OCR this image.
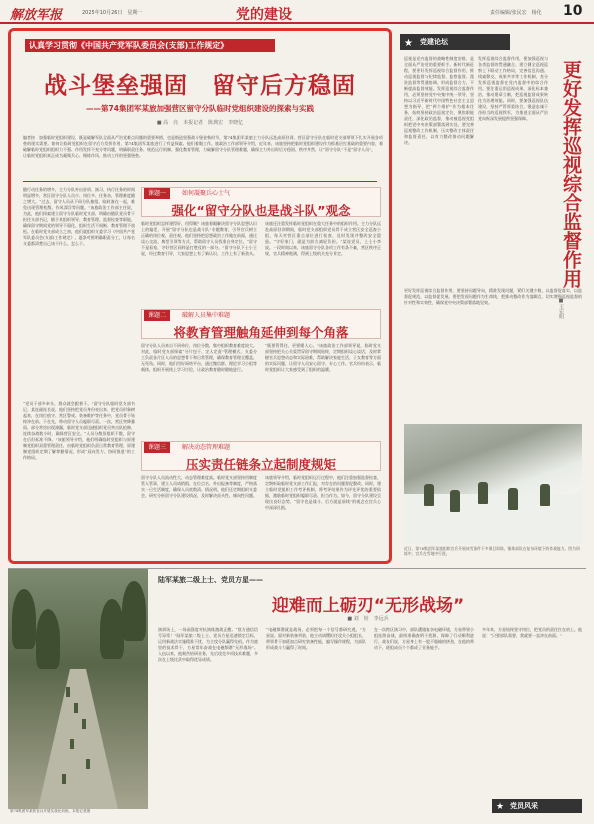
解放军报	2025年10月26日　星期一	党的建设	责任编辑/张民宏　杨化 10
认真学习贯彻《中国共产党军队委员会(支部)工作规定》
战斗堡垒强固　留守后方稳固
——第74集团军某旅加强营区留守分队临时党组织建设的探索与实践
■ 高　亮　本报记者　陈典宏　李晓亿
编者按　加强临时党组织建设，既是破解军队全面从严治党难点问题的重要举措，也是锻造坚强战斗堡垒的现实需要。如何让临时党组织在留守后方发挥作用，第74集团军某旅进行了有益探索。他们着眼破解临时党组织组织力不强、作用发挥不充分等问题，明确职责任务、规范运行机制、强化教育管理，让临时党组织真正成为凝聚兵心、锤炼作风、推动工作的坚强堡垒。
金秋时节，第74集团军某旅主力分队远赴高原驻训，营区留守分队在临时党支部带领下扎实开展各项工作。旅政治工作部领导介绍，近年来，该旅坚持把临时党组织建设作为抓基层打基础的重要内容，着力破解留守分队管理难题，确保主力外出时后方稳固、秩序井然，让“留守分队”不是“留守人员”。
随行动任务的增多，主力分队外出驻训、演习、执行任务的时间明显增多，营区留守分队人员少、岗位多、任务杂，管理难度随之增大。“过去，留守人员从不同分队抽组，临时凑在一起，难免出现管理松散、作风漂浮等问题。”该旅政治工作部主任说，为此，他们探索建立留守分队临时党支部，明确由随队党员骨干担任支部书记，赋予其组织领导、教育管理、监督检查等职能，确保留守期间党的领导不弱化、组织生活不间断、教育管理不放松。在临时党支部成立之初，他们就组织支委学习《中国共产党军队委员会(支部)工作规定》，逐条对照明确职责分工，让每名支委都清楚自己该干什么、怎么干。
“党员干部多牵头，群众就会跟着干。”留守分队临时党支部书记、某连副连长说，他们坚持把党员身份亮出来、把党员形象树起来，在岗位值守、营区警戒、装备维护等任务中，党员骨干始终冲在前、干在先，带动留守人员履职尽责。一次，营区突降暴雨，部分营房出现渗漏，临时党支部迅速组织党员突击队抢修，连续奋战数小时，确保营区安全。“人员分散但组织不散，留守在后但标准不降。”该旅领导介绍，他们明确临时党组织与原建制党组织双重管理责任，由临时党组织负责日常教育管理，原建制党组织定期了解掌握情况，形成“双向发力、协同推进”的工作格局。
课题一	如何凝聚兵心士气
强化“留守分队也是战斗队”观念
临时党组织怎样建得好、用得顺？该旅着眼解决留守分队思想认识上的偏差，开展“留守分队也是战斗队”专题教育，引导官兵树立正确的岗位观、责任观。他们坚持把思想政治工作做在前面，通过谈心交流、典型引领等方式，帮助留守人员找准自身定位。“留守不是看家，守好营区同样是打胜仗的一部分。”留守分队下士小王说，经过教育引导，大家思想上有了新认识，工作上有了新劲头。
该旅还注重发挥临时党组织在重大任务中的组织作用。主力分队远赴高原驻训期间，临时党支部组织党员骨干成立营区安全巡查小组，每天对营区重点部位进行检查，及时发现并整改安全隐患。“守好家门，就是为前方减轻负担。”某连党员、上士小李说。一段时间以来，该旅留守分队各项工作有条不紊，营区秩序正规，官兵精神饱满，得到上级机关充分肯定。
课题二	破解人员集中难题
将教育管理触角延伸到每个角落
留守分队人员来自不同单位、岗位分散，集中组织教育难度较大。对此，临时党支部探索“分片包干、定人定责”管理模式，支委分工负责各片区人员的思想骨干和日常管理，确保教育管理全覆盖、无死角。同时，他们用好网络平台，通过微信群、理论学习小组等载体，组织开展线上学习讨论，让政治教育随时随地进行。
“既要管得住，更要暖人心。”该旅政治工作部领导说，临时党支部坚持把关心关爱贯穿留守期间始终，定期组织谈心谈话，及时掌握官兵思想动态和实际困难，帮助解决家庭生活、子女教育等方面的实际问题，让留守人员安心留守、专心工作。官兵纷纷表示，临时党组织让大家感受到了组织的温暖。
课题三	解决动态管理难题
压实责任链条立起制度规矩
留守分队人员流动性大、动态管理难度高。临时党支部坚持用制度管人管事，建立人员请销假、在位点名、外出报备等制度，严格落实一日生活制度，确保人员底数清、情况明。他们还定期组织支委会，研究分析留守分队建设情况，及时解决苗头性、倾向性问题。
该旅领导介绍，临时党组织运行过程中，他们注重加强监督检查，定期听取临时党支部工作汇报，对存在的问题督促整改。同时，建立临时党组织工作考评机制，将考评结果作为评先评优的重要依据，激励临时党组织履职尽责、担当作为。如今，留守分队建设呈现出良好态势，“留守也是战斗、后方就是前线”的观念在官兵心中深深扎根。
★ 党建论坛
巡视是党内监督的战略性制度安排，是全面从严治党的重要抓手。新时代新征程，要更好发挥巡视综合监督作用，推动巡视监督与纪律监督、监察监督、派驻监督等贯通协调，形成监督合力，不断提高监督效能。发挥巡视综合监督作用，必须坚持党中央集中统一领导，坚持以习近平新时代中国特色社会主义思想为指导，把“两个维护”作为根本任务，始终坚持政治巡视定位，聚焦职能责任，深化政治监督，推动被巡视党组织把党中央决策部署落到实处。要完善巡视整改工作机制，压实整改主体责任和监督责任，以有力整改推动问题解决。
发挥巡视综合监督作用，要加强巡视与各类监督的贯通融合。建立健全巡视巡察上下联动工作格局，完善信息沟通、线索移交、成果共享等工作机制，充分发挥巡视监督在党内监督中的综合作用。要注重运用巡视成果，深化标本兼治，推动建章立制，把巡视监督成果转化为治理效能。同时，要加强巡视队伍建设，坚持严管厚爱结合，锻造忠诚干净担当的巡视铁军，为推进全面从严治党向纵深发展提供坚强保障。	更好发挥巡视综合监督作用
■王宏明
更好发挥巡视综合监督作用，要坚持问题导向，精准发现问题，紧盯关键少数，以监督促落实、以监督促规范、以监督促发展。要把发现问题作为生命线，把推动整改作为落脚点，切实增强巡视监督的针对性和实效性，确保党中央决策部署落地见效。
近日，第76集团军某旅组织官兵开展冰雪条件下多课目训练，锤炼部队在复杂环境下的作战能力。图为训练中，官兵在雪地中行进。
第74集团军某旅官兵开展实战化训练。本报记者摄
陆军某旅二级上士、党员方星——
迎难而上砺刃“无形战场”
■ 刘　钊　李远兵
演训场上，一场高强度对抗演练激战正酣。“敌方通信信号异常！”陆军某旅二级上士、党员方星迅速锁定目标，运用新战法实施精准干扰，为主攻分队赢得先机。作为旅里的技术骨干，方星常年奋战在电磁频谱“无形战场”。入伍以来，他刻苦钻研业务，先后攻克多项技术难题，多次在上级比武中取得优异成绩。
“电磁频谱就是战场，必须把每一个信号都研究透。”方星说。面对新装备列装，他主动请缨担任攻关小组组长，带领骨干加班加点研究装备性能，编写操作规程，为部队形成战斗力赢得了时间。
在一次跨区演习中，部队遭遇复杂电磁环境，方星带领小组连续奋战，最终准确查明干扰源，保障了行动顺利进行。战友们说，方星身上有一股不服输的拼劲，在他的带动下，班组成员个个都成了业务能手。
多年来，方星始终坚守岗位，把党员的责任扛在肩上。他说：“只要部队需要，我就要一直冲在前面。”
★ 党员风采
